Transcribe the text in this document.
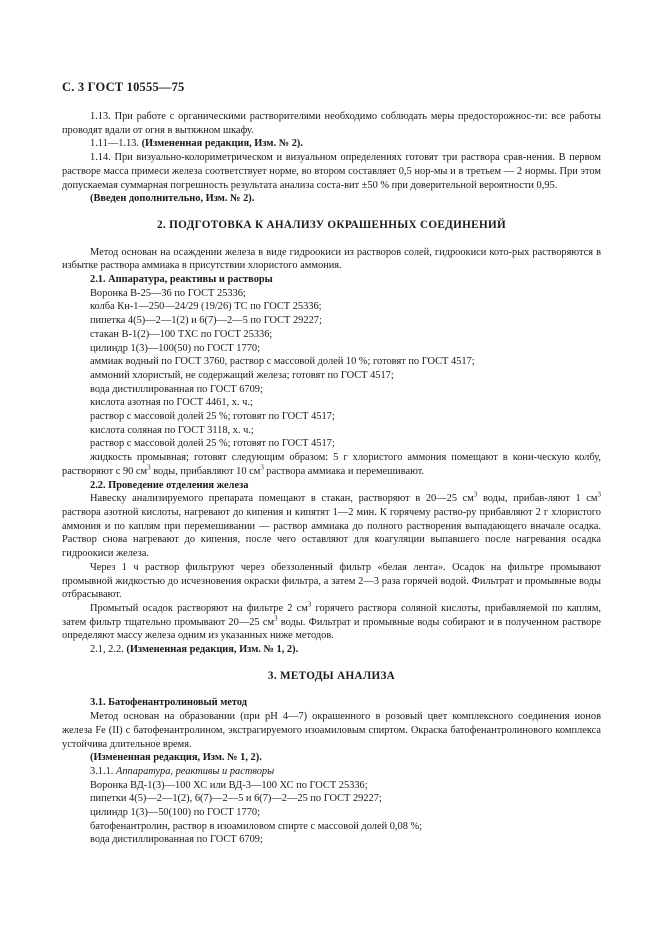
С. 3 ГОСТ 10555—75

1.13. При работе с органическими растворителями необходимо соблюдать меры предосторожнос-ти: все работы проводят вдали от огня в вытяжном шкафу.

1.11—1.13. (Измененная редакция, Изм. № 2).

1.14. При визуально-колориметрическом и визуальном определениях готовят три раствора срав-нения. В первом растворе масса примеси железа соответствует норме, во втором составляет 0,5 нор-мы и в третьем — 2 нормы. При этом допускаемая суммарная погрешность результата анализа соста-вит ±50 % при доверительной вероятности 0,95.

(Введен дополнительно, Изм. № 2).

2. ПОДГОТОВКА К АНАЛИЗУ ОКРАШЕННЫХ СОЕДИНЕНИЙ

Метод основан на осаждении железа в виде гидроокиси из растворов солей, гидроокиси кото-рых растворяются в избытке раствора аммиака в присутствии хлористого аммония.

2.1. Аппаратура, реактивы и растворы

Воронка В-25—36 по ГОСТ 25336;

колба Кн-1—250—24/29 (19/26) ТС по ГОСТ 25336;

пипетка 4(5)—2—1(2) и 6(7)—2—5 по ГОСТ 29227;

стакан В-1(2)—100 ТХС по ГОСТ 25336;

цилиндр 1(3)—100(50) по ГОСТ 1770;

аммиак водный по ГОСТ 3760, раствор с массовой долей 10 %; готовят по ГОСТ 4517;

аммоний хлористый, не содержащий железа; готовят по ГОСТ 4517;

вода дистиллированная по ГОСТ 6709;

кислота азотная по ГОСТ 4461, х. ч.;

раствор с массовой долей 25 %; готовят по ГОСТ 4517;

кислота соляная по ГОСТ 3118, х. ч.;

раствор с массовой долей 25 %; готовят по ГОСТ 4517;

жидкость промывная; готовят следующим образом: 5 г хлористого аммония помещают в кони-ческую колбу, растворяют с 90 $см^3$ воды, прибавляют 10 $см^3$ раствора аммиака и перемешивают.

2.2. Проведение отделения железа

Навеску анализируемого препарата помещают в стакан, растворяют в 20—25 $см^3$ воды, прибав-ляют 1 $см^3$ раствора азотной кислоты, нагревают до кипения и кипятят 1—2 мин. К горячему раство-ру прибавляют 2 г хлористого аммония и по каплям при перемешивании — раствор аммиака до полного растворения выпадающего вначале осадка. Раствор снова нагревают до кипения, после чего оставляют для коагуляции выпавшего после нагревания осадка гидроокиси железа.

Через 1 ч раствор фильтруют через обеззоленный фильтр «белая лента». Осадок на фильтре промывают промывной жидкостью до исчезновения окраски фильтра, а затем 2—3 раза горячей водой. Фильтрат и промывные воды отбрасывают.

Промытый осадок растворяют на фильтре 2 $см^3$ горячего раствора соляной кислоты, прибавляемой по каплям, затем фильтр тщательно промывают 20—25 $см^3$ воды. Фильтрат и промывные воды собирают и в полученном растворе определяют массу железа одним из указанных ниже методов.

2.1, 2.2. (Измененная редакция, Изм. № 1, 2).

3. МЕТОДЫ АНАЛИЗА

3.1. Батофенантролиновый метод

Метод основан на образовании (при pH 4—7) окрашенного в розовый цвет комплексного соединения ионов железа Fe (II) с батофенантролином, экстрагируемого изоамиловым спиртом. Окраска батофенантролинового комплекса устойчива длительное время.

(Измененная редакция, Изм. № 1, 2).

3.1.1. Аппаратура, реактивы и растворы

Воронка ВД-1(3)—100 ХС или ВД-3—100 ХС по ГОСТ 25336;

пипетки 4(5)—2—1(2), 6(7)—2—5 и 6(7)—2—25 по ГОСТ 29227;

цилиндр 1(3)—50(100) по ГОСТ 1770;

батофенантролин, раствор в изоамиловом спирте с массовой долей 0,08 %;

вода дистиллированная по ГОСТ 6709;
